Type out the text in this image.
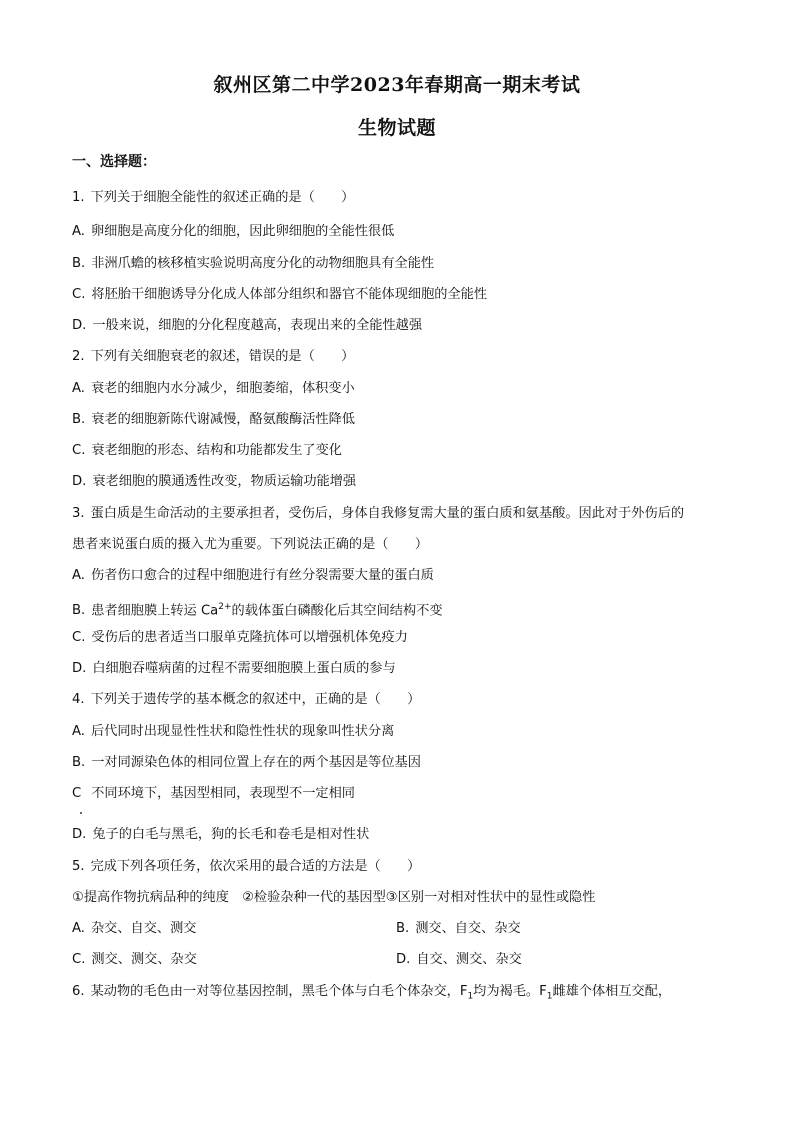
叙州区第二中学2023年春期高一期末考试
生物试题
一、选择题：
1. 下列关于细胞全能性的叙述正确的是（　　）
A. 卵细胞是高度分化的细胞，因此卵细胞的全能性很低
B. 非洲爪蟾的核移植实验说明高度分化的动物细胞具有全能性
C. 将胚胎干细胞诱导分化成人体部分组织和器官不能体现细胞的全能性
D. 一般来说，细胞的分化程度越高，表现出来的全能性越强
2. 下列有关细胞衰老的叙述，错误的是（　　）
A. 衰老的细胞内水分减少，细胞萎缩，体积变小
B. 衰老的细胞新陈代谢减慢，酪氨酸酶活性降低
C. 衰老细胞的形态、结构和功能都发生了变化
D. 衰老细胞的膜通透性改变，物质运输功能增强
3. 蛋白质是生命活动的主要承担者，受伤后，身体自我修复需大量的蛋白质和氨基酸。因此对于外伤后的
患者来说蛋白质的摄入尤为重要。下列说法正确的是（　　）
A. 伤者伤口愈合的过程中细胞进行有丝分裂需要大量的蛋白质
B. 患者细胞膜上转运 $Ca^{2+}$的载体蛋白磷酸化后其空间结构不变
C. 受伤后的患者适当口服单克隆抗体可以增强机体免疫力
D. 白细胞吞噬病菌的过程不需要细胞膜上蛋白质的参与
4. 下列关于遗传学的基本概念的叙述中，正确的是（　　）
A. 后代同时出现显性性状和隐性性状的现象叫性状分离
B. 一对同源染色体的相同位置上存在的两个基因是等位基因
C 不同环境下，基因型相同，表现型不一定相同
D. 兔子的白毛与黑毛，狗的长毛和卷毛是相对性状
5. 完成下列各项任务，依次采用的最合适的方法是（　　）
①提高作物抗病品种的纯度　②检验杂种一代的基因型③区别一对相对性状中的显性或隐性
A. 杂交、自交、测交	B. 测交、自交、杂交
C. 测交、测交、杂交	D. 自交、测交、杂交
6. 某动物的毛色由一对等位基因控制，黑毛个体与白毛个体杂交，$F_1$均为褐毛。$F_1$雌雄个体相互交配，
